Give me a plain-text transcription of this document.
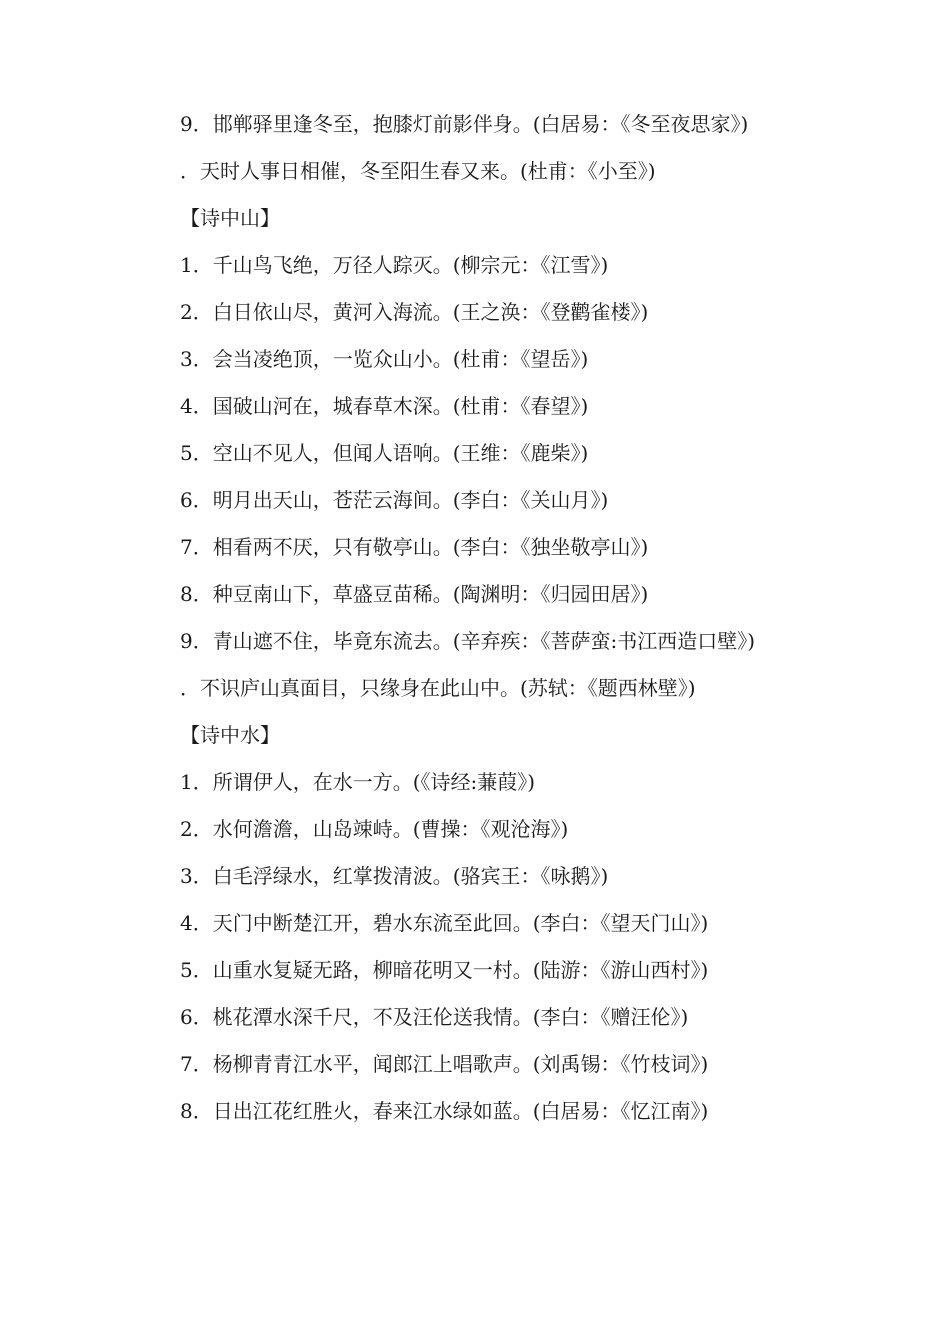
9．邯郸驿里逢冬至，抱膝灯前影伴身。(白居易：《冬至夜思家》)

．天时人事日相催，冬至阳生春又来。(杜甫：《小至》)

【诗中山】

1．千山鸟飞绝，万径人踪灭。(柳宗元：《江雪》)

2．白日依山尽，黄河入海流。(王之涣：《登鹳雀楼》)

3．会当凌绝顶，一览众山小。(杜甫：《望岳》)

4．国破山河在，城春草木深。(杜甫：《春望》)

5．空山不见人，但闻人语响。(王维：《鹿柴》)

6．明月出天山，苍茫云海间。(李白：《关山月》)

7．相看两不厌，只有敬亭山。(李白：《独坐敬亭山》)

8．种豆南山下，草盛豆苗稀。(陶渊明：《归园田居》)

9．青山遮不住，毕竟东流去。(辛弃疾：《菩萨蛮:书江西造口壁》)

．不识庐山真面目，只缘身在此山中。(苏轼：《题西林壁》)

【诗中水】

1．所谓伊人，在水一方。(《诗经:蒹葭》)

2．水何澹澹，山岛竦峙。(曹操：《观沧海》)

3．白毛浮绿水，红掌拨清波。(骆宾王：《咏鹅》)

4．天门中断楚江开，碧水东流至此回。(李白：《望天门山》)

5．山重水复疑无路，柳暗花明又一村。(陆游：《游山西村》)

6．桃花潭水深千尺，不及汪伦送我情。(李白：《赠汪伦》)

7．杨柳青青江水平，闻郎江上唱歌声。(刘禹锡：《竹枝词》)

8．日出江花红胜火，春来江水绿如蓝。(白居易：《忆江南》)
